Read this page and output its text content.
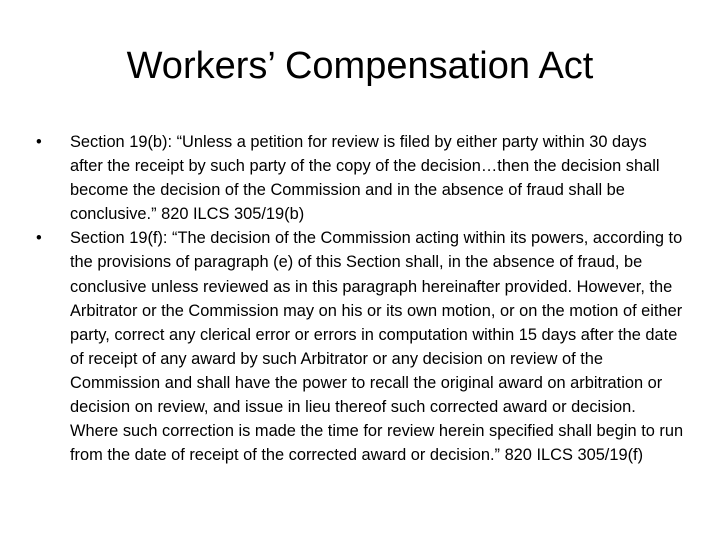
Workers’ Compensation Act
•	Section 19(b): “Unless a petition for review is filed by either party within 30 days after the receipt by such party of the copy of the decision…then the decision shall become the decision of the Commission and in the absence of fraud shall be conclusive.” 820 ILCS 305/19(b)
•	Section 19(f): “The decision of the Commission acting within its powers, according to the provisions of paragraph (e) of this Section shall, in the absence of fraud, be conclusive unless reviewed as in this paragraph hereinafter provided. However, the Arbitrator or the Commission may on his or its own motion, or on the motion of either party, correct any clerical error or errors in computation within 15 days after the date of receipt of any award by such Arbitrator or any decision on review of the Commission and shall have the power to recall the original award on arbitration or decision on review, and issue in lieu thereof such corrected award or decision. Where such correction is made the time for review herein specified shall begin to run from the date of receipt of the corrected award or decision.” 820 ILCS 305/19(f)
